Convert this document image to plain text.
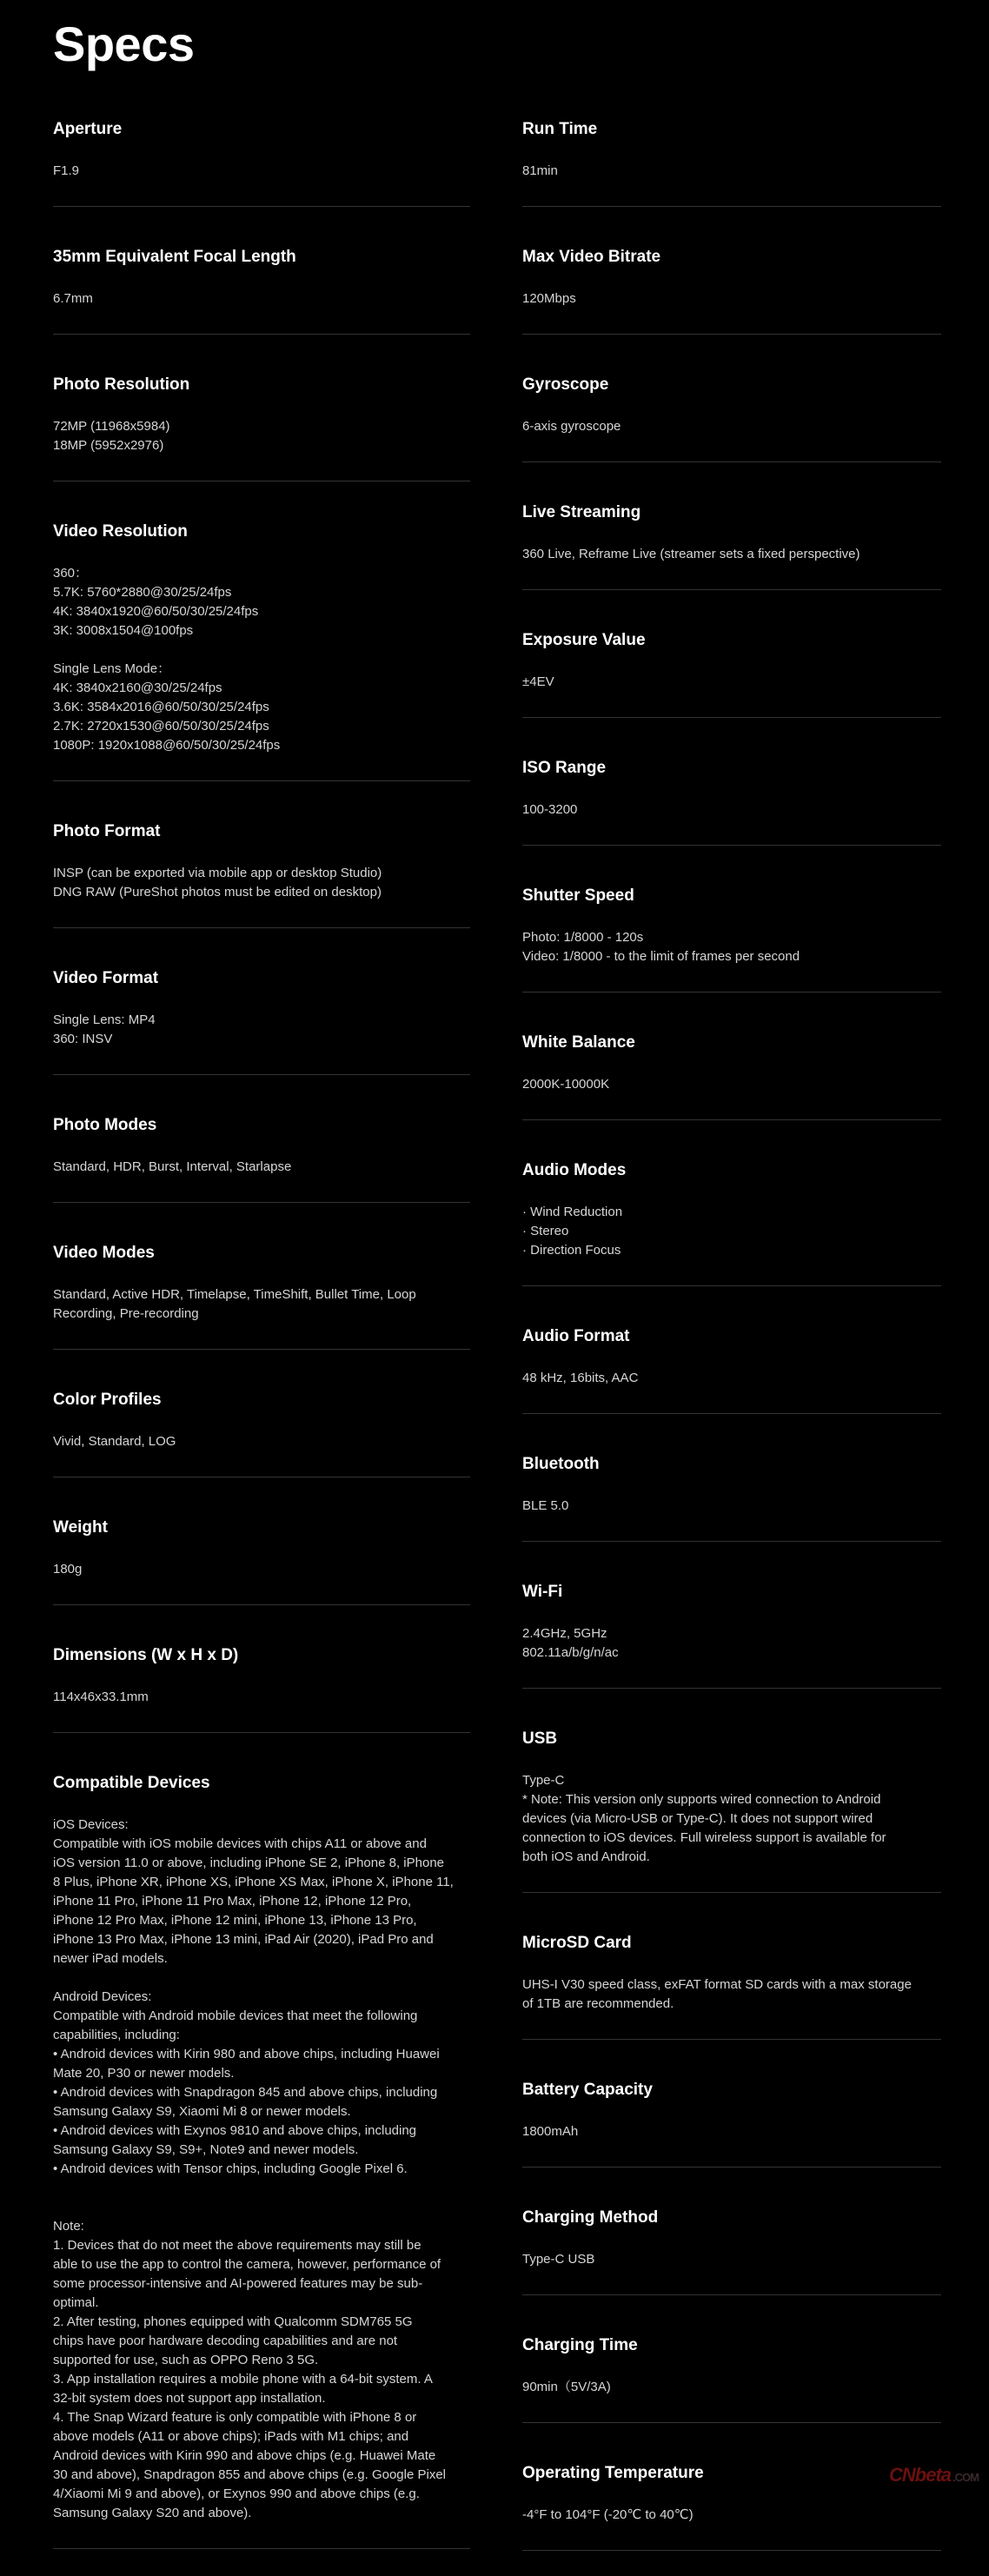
Specs
Aperture
F1.9
35mm Equivalent Focal Length
6.7mm
Photo Resolution
72MP (11968x5984)
18MP (5952x2976)
Video Resolution
360：
5.7K: 5760*2880@30/25/24fps
4K: 3840x1920@60/50/30/25/24fps
3K: 3008x1504@100fps
Single Lens Mode：
4K: 3840x2160@30/25/24fps
3.6K: 3584x2016@60/50/30/25/24fps
2.7K: 2720x1530@60/50/30/25/24fps
1080P: 1920x1088@60/50/30/25/24fps
Photo Format
INSP (can be exported via mobile app or desktop Studio)
DNG RAW (PureShot photos must be edited on desktop)
Video Format
Single Lens: MP4
360: INSV
Photo Modes
Standard, HDR, Burst, Interval, Starlapse
Video Modes
Standard, Active HDR, Timelapse, TimeShift, Bullet Time, Loop
Recording, Pre-recording
Color Profiles
Vivid, Standard, LOG
Weight
180g
Dimensions (W x H x D)
114x46x33.1mm
Compatible Devices
iOS Devices:
Compatible with iOS mobile devices with chips A11 or above and
iOS version 11.0 or above, including iPhone SE 2, iPhone 8, iPhone
8 Plus, iPhone XR, iPhone XS, iPhone XS Max, iPhone X, iPhone 11,
iPhone 11 Pro, iPhone 11 Pro Max, iPhone 12, iPhone 12 Pro,
iPhone 12 Pro Max, iPhone 12 mini, iPhone 13, iPhone 13 Pro,
iPhone 13 Pro Max, iPhone 13 mini, iPad Air (2020), iPad Pro and
newer iPad models.
Android Devices:
Compatible with Android mobile devices that meet the following
capabilities, including:
• Android devices with Kirin 980 and above chips, including Huawei
Mate 20, P30 or newer models.
• Android devices with Snapdragon 845 and above chips, including
Samsung Galaxy S9, Xiaomi Mi 8 or newer models.
• Android devices with Exynos 9810 and above chips, including
Samsung Galaxy S9, S9+, Note9 and newer models.
• Android devices with Tensor chips, including Google Pixel 6.
Note:
1. Devices that do not meet the above requirements may still be
able to use the app to control the camera, however, performance of
some processor-intensive and AI-powered features may be sub-
optimal.
2. After testing, phones equipped with Qualcomm SDM765 5G
chips have poor hardware decoding capabilities and are not
supported for use, such as OPPO Reno 3 5G.
3. App installation requires a mobile phone with a 64-bit system. A
32-bit system does not support app installation.
4. The Snap Wizard feature is only compatible with iPhone 8 or
above models (A11 or above chips); iPads with M1 chips; and
Android devices with Kirin 990 and above chips (e.g. Huawei Mate
30 and above), Snapdragon 855 and above chips (e.g. Google Pixel
4/Xiaomi Mi 9 and above), or Exynos 990 and above chips (e.g.
Samsung Galaxy S20 and above).
Run Time
81min
Max Video Bitrate
120Mbps
Gyroscope
6-axis gyroscope
Live Streaming
360 Live, Reframe Live (streamer sets a fixed perspective)
Exposure Value
±4EV
ISO Range
100-3200
Shutter Speed
Photo: 1/8000 - 120s
Video: 1/8000 - to the limit of frames per second
White Balance
2000K-10000K
Audio Modes
· Wind Reduction
· Stereo
· Direction Focus
Audio Format
48 kHz, 16bits, AAC
Bluetooth
BLE 5.0
Wi-Fi
2.4GHz, 5GHz
802.11a/b/g/n/ac
USB
Type-C
* Note: This version only supports wired connection to Android
devices (via Micro-USB or Type-C). It does not support wired
connection to iOS devices. Full wireless support is available for
both iOS and Android.
MicroSD Card
UHS-I V30 speed class, exFAT format SD cards with a max storage
of 1TB are recommended.
Battery Capacity
1800mAh
Charging Method
Type-C USB
Charging Time
90min（5V/3A)
Operating Temperature
-4°F to 104°F (-20℃ to 40℃)
CNbeta .COM
